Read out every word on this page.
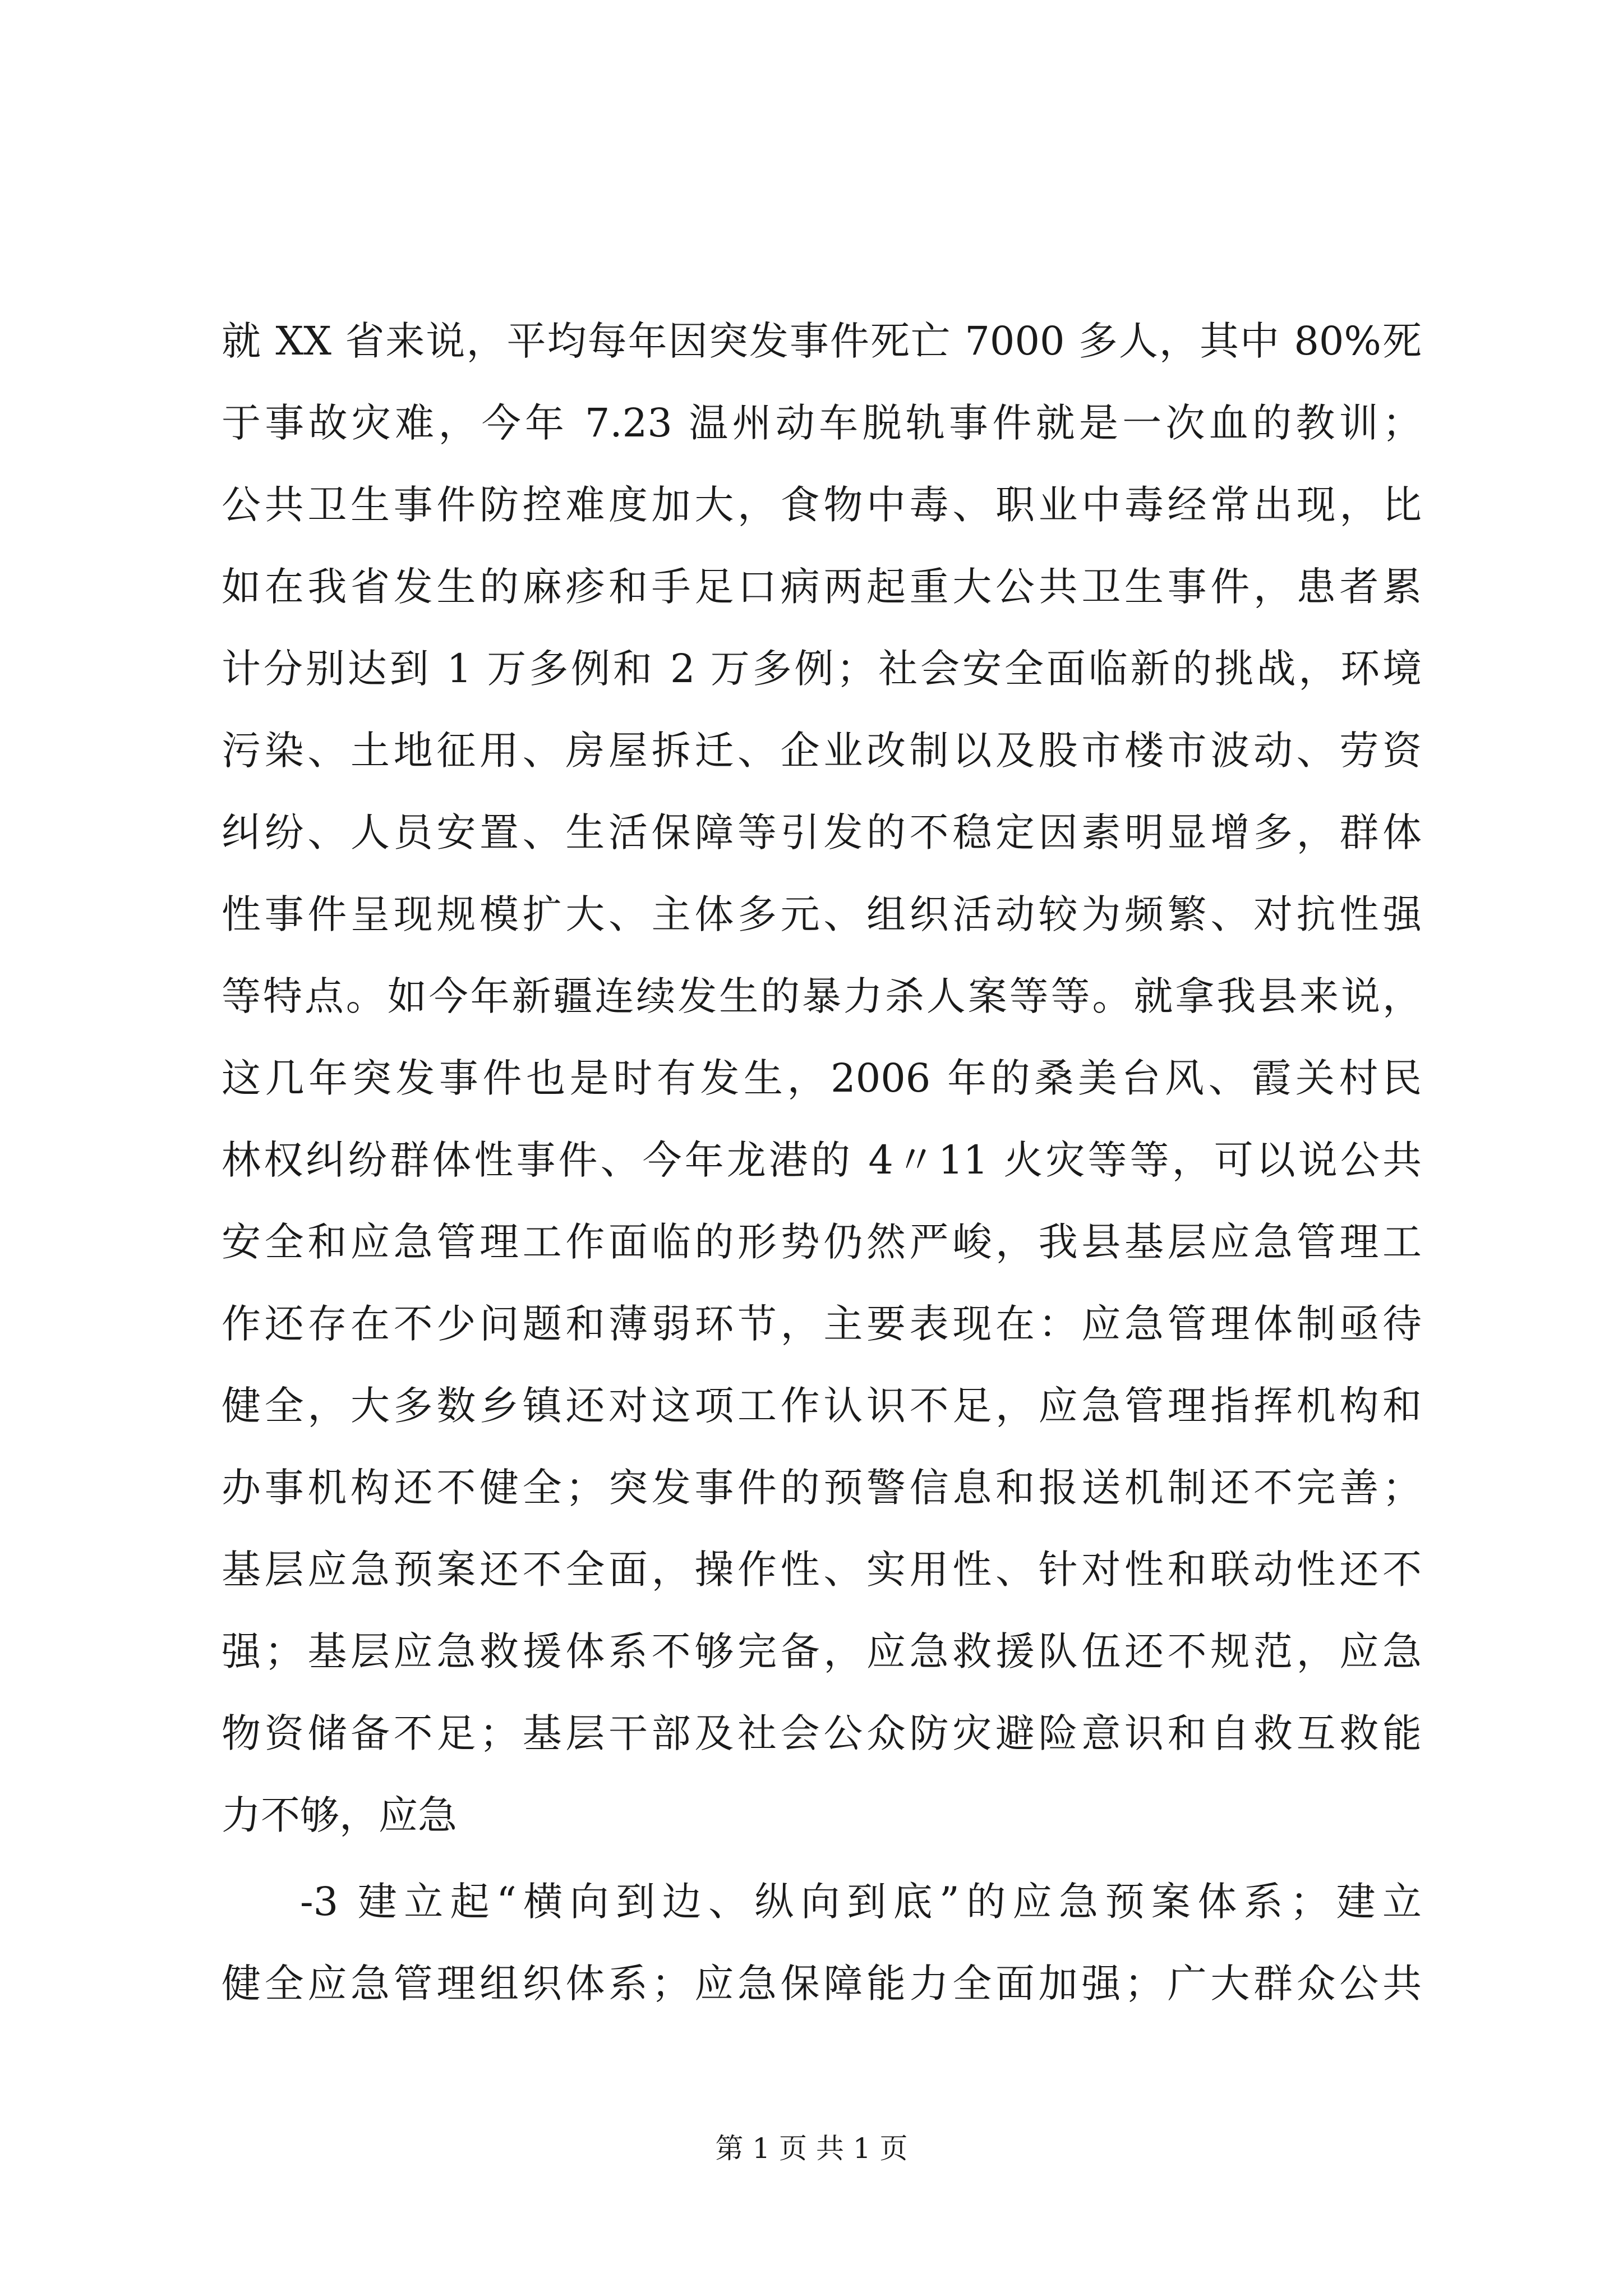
就 XX 省来说，平均每年因突发事件死亡 7000 多人，其中 80%死
于事故灾难，今年 7.23 温州动车脱轨事件就是一次血的教训；
公共卫生事件防控难度加大，食物中毒、职业中毒经常出现，比
如在我省发生的麻疹和手足口病两起重大公共卫生事件，患者累
计分别达到 1 万多例和 2 万多例；社会安全面临新的挑战，环境
污染、土地征用、房屋拆迁、企业改制以及股市楼市波动、劳资
纠纷、人员安置、生活保障等引发的不稳定因素明显增多，群体
性事件呈现规模扩大、主体多元、组织活动较为频繁、对抗性强
等特点。如今年新疆连续发生的暴力杀人案等等。就拿我县来说，
这几年突发事件也是时有发生，2006 年的桑美台风、霞关村民
林权纠纷群体性事件、今年龙港的 4〃11 火灾等等，可以说公共
安全和应急管理工作面临的形势仍然严峻，我县基层应急管理工
作还存在不少问题和薄弱环节，主要表现在：应急管理体制亟待
健全，大多数乡镇还对这项工作认识不足，应急管理指挥机构和
办事机构还不健全；突发事件的预警信息和报送机制还不完善；
基层应急预案还不全面，操作性、实用性、针对性和联动性还不
强；基层应急救援体系不够完备，应急救援队伍还不规范，应急
物资储备不足；基层干部及社会公众防灾避险意识和自救互救能
力不够，应急
-3 建立起“横向到边、纵向到底”的应急预案体系；建立
健全应急管理组织体系；应急保障能力全面加强；广大群众公共
第 1 页 共 1 页
